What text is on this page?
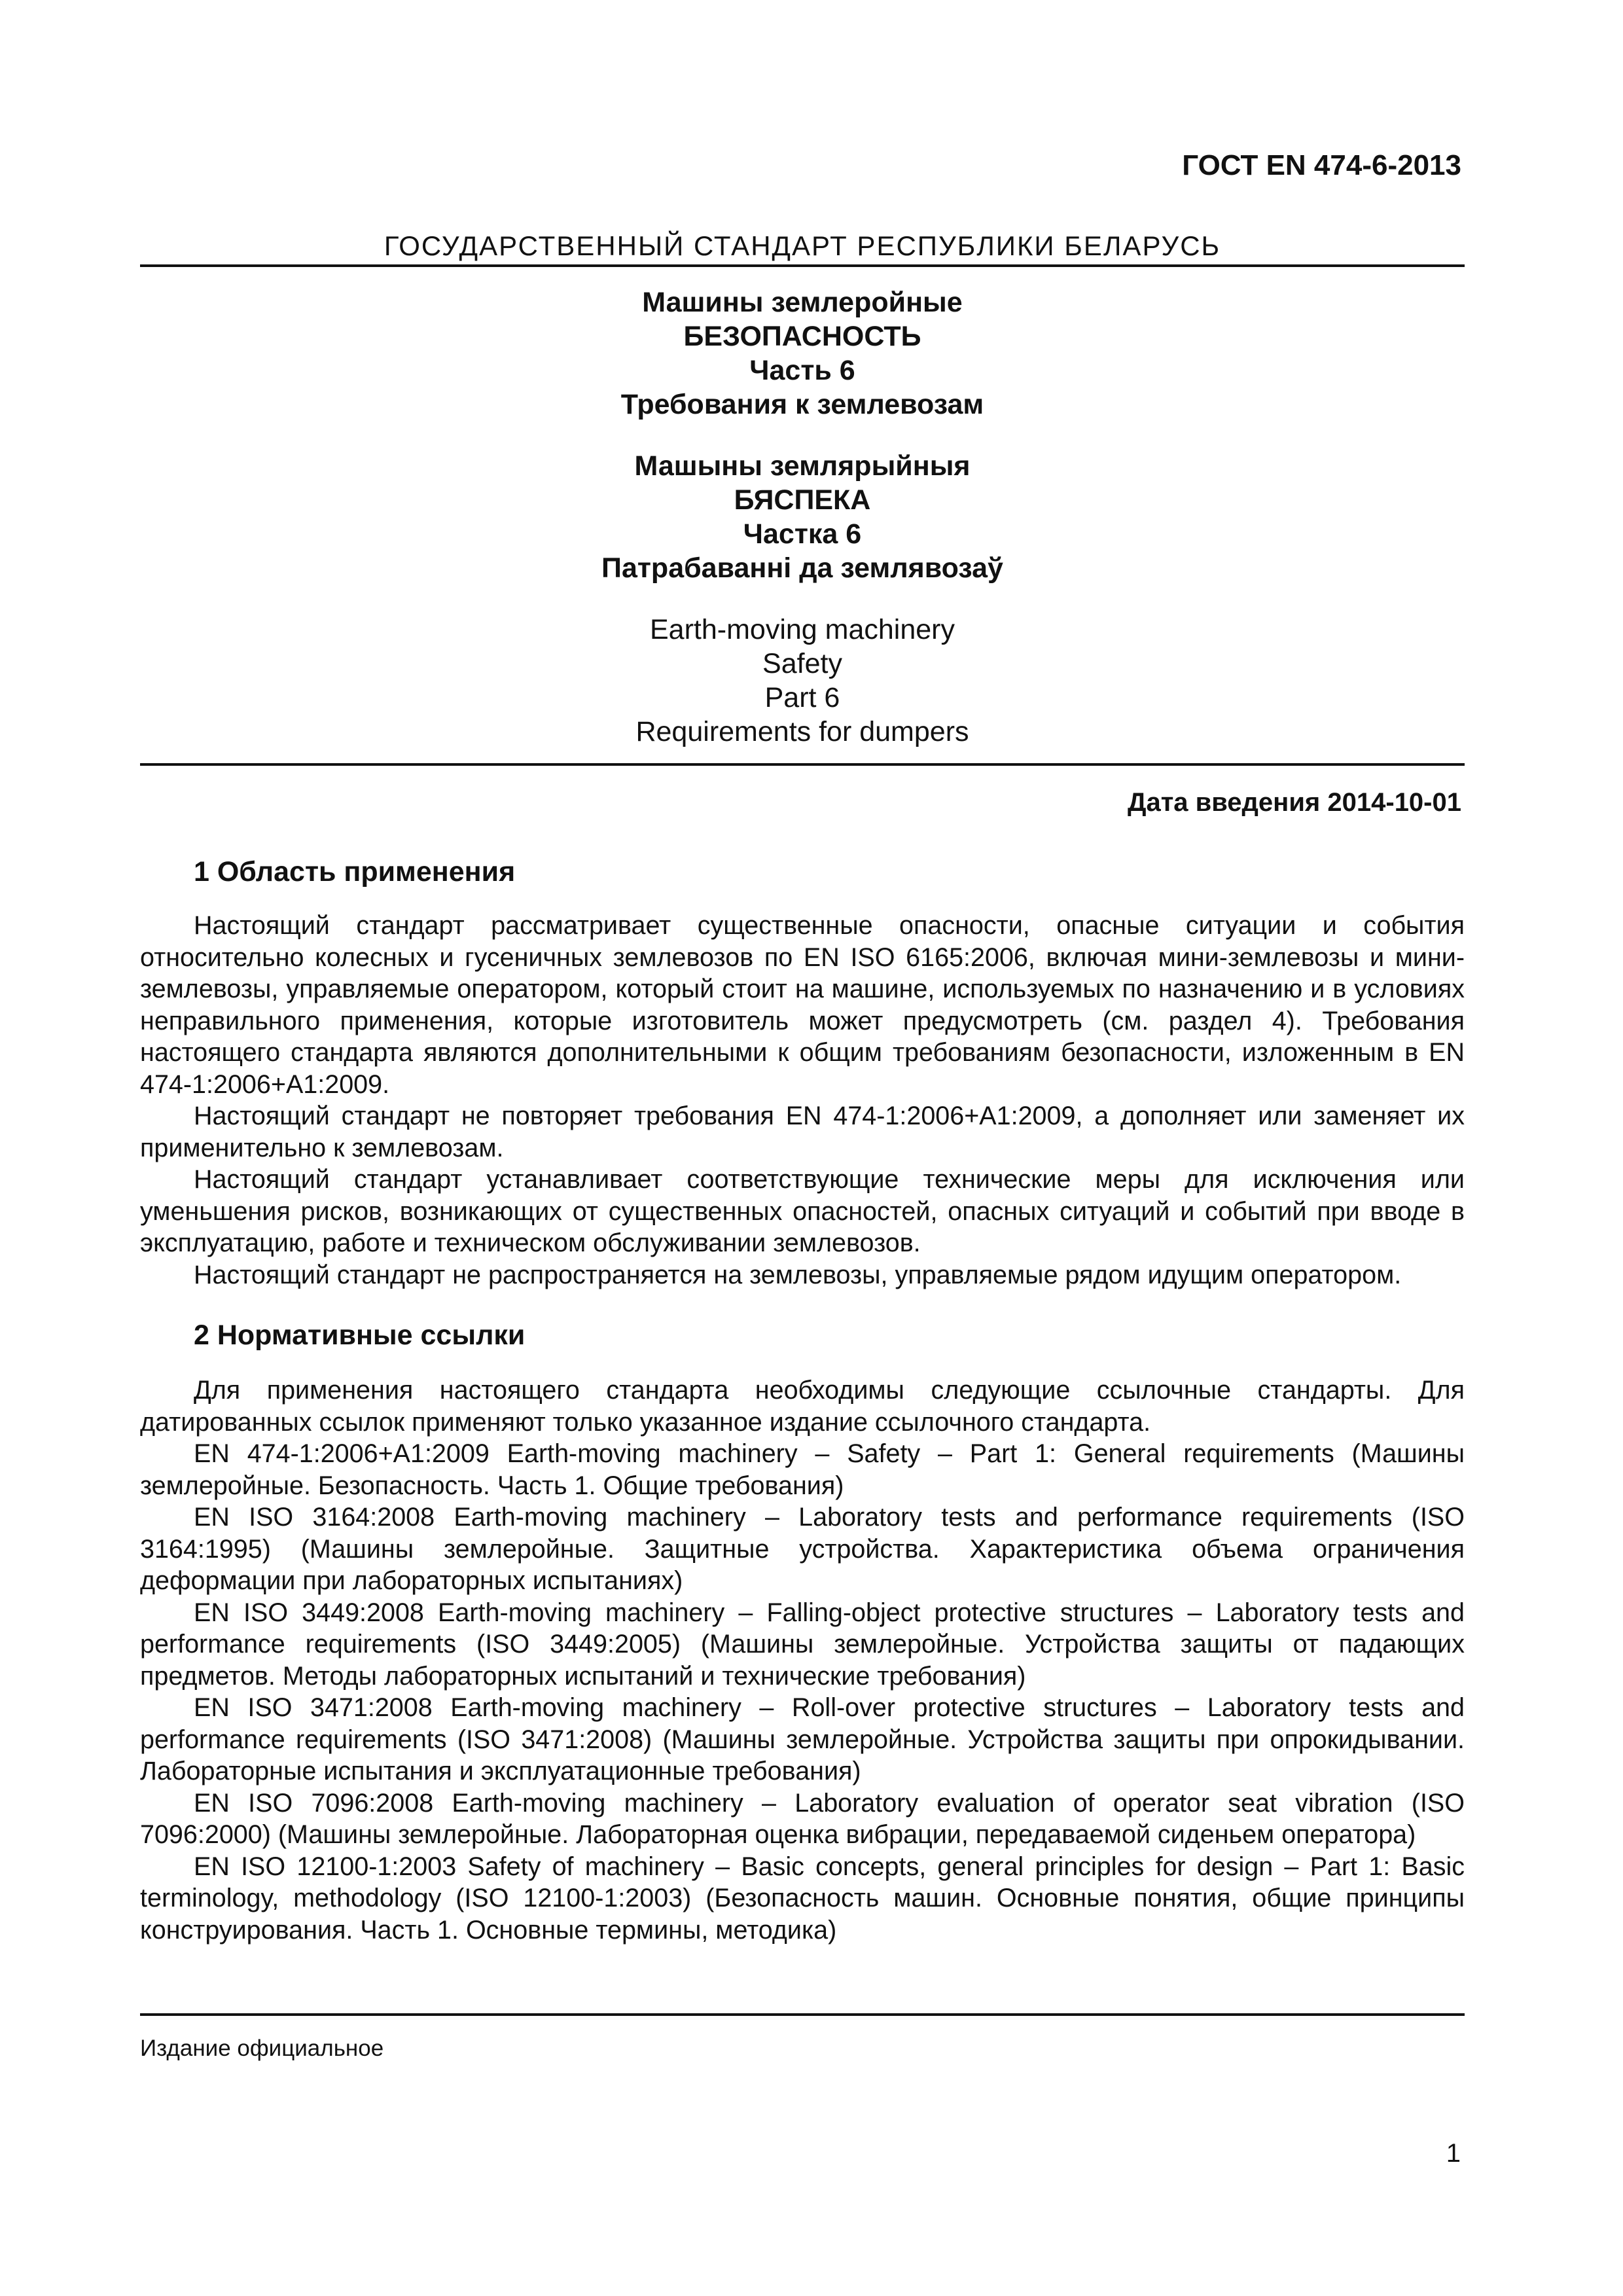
ГОСТ EN 474-6-2013
ГОСУДАРСТВЕННЫЙ СТАНДАРТ РЕСПУБЛИКИ БЕЛАРУСЬ
Машины землеройные
БЕЗОПАСНОСТЬ
Часть 6
Требования к землевозам
Машыны землярыйныя
БЯСПЕКА
Частка 6
Патрабаванні да землявозаў
Earth-moving machinery
Safety
Part 6
Requirements for dumpers
Дата введения 2014-10-01
1 Область применения

Настоящий стандарт рассматривает существенные опасности, опасные ситуации и события относительно колесных и гусеничных землевозов по EN ISO 6165:2006, включая мини-землевозы и мини-землевозы, управляемые оператором, который стоит на машине, используемых по назначению и в условиях неправильного применения, которые изготовитель может предусмотреть (см. раздел 4). Требования настоящего стандарта являются дополнительными к общим требованиям безопасности, изложенным в EN 474-1:2006+A1:2009.

Настоящий стандарт не повторяет требования EN 474-1:2006+A1:2009, а дополняет или заменяет их применительно к землевозам.

Настоящий стандарт устанавливает соответствующие технические меры для исключения или уменьшения рисков, возникающих от существенных опасностей, опасных ситуаций и событий при вводе в эксплуатацию, работе и техническом обслуживании землевозов.

Настоящий стандарт не распространяется на землевозы, управляемые рядом идущим оператором.

2 Нормативные ссылки

Для применения настоящего стандарта необходимы следующие ссылочные стандарты. Для датированных ссылок применяют только указанное издание ссылочного стандарта.

EN 474-1:2006+A1:2009 Earth-moving machinery – Safety – Part 1: General requirements (Машины землеройные. Безопасность. Часть 1. Общие требования)

EN ISO 3164:2008 Earth-moving machinery – Laboratory tests and performance requirements (ISO 3164:1995) (Машины землеройные. Защитные устройства. Характеристика объема ограничения деформации при лабораторных испытаниях)

EN ISO 3449:2008 Earth-moving machinery – Falling-object protective structures – Laboratory tests and performance requirements (ISO 3449:2005) (Машины землеройные. Устройства защиты от падающих предметов. Методы лабораторных испытаний и технические требования)

EN ISO 3471:2008 Earth-moving machinery – Roll-over protective structures – Laboratory tests and performance requirements (ISO 3471:2008) (Машины землеройные. Устройства защиты при опрокидывании. Лабораторные испытания и эксплуатационные требования)

EN ISO 7096:2008 Earth-moving machinery – Laboratory evaluation of operator seat vibration (ISO 7096:2000) (Машины землеройные. Лабораторная оценка вибрации, передаваемой сиденьем оператора)

EN ISO 12100-1:2003 Safety of machinery – Basic concepts, general principles for design – Part 1: Basic terminology, methodology (ISO 12100-1:2003) (Безопасность машин. Основные понятия, общие принципы конструирования. Часть 1. Основные термины, методика)

Издание официальное
1
